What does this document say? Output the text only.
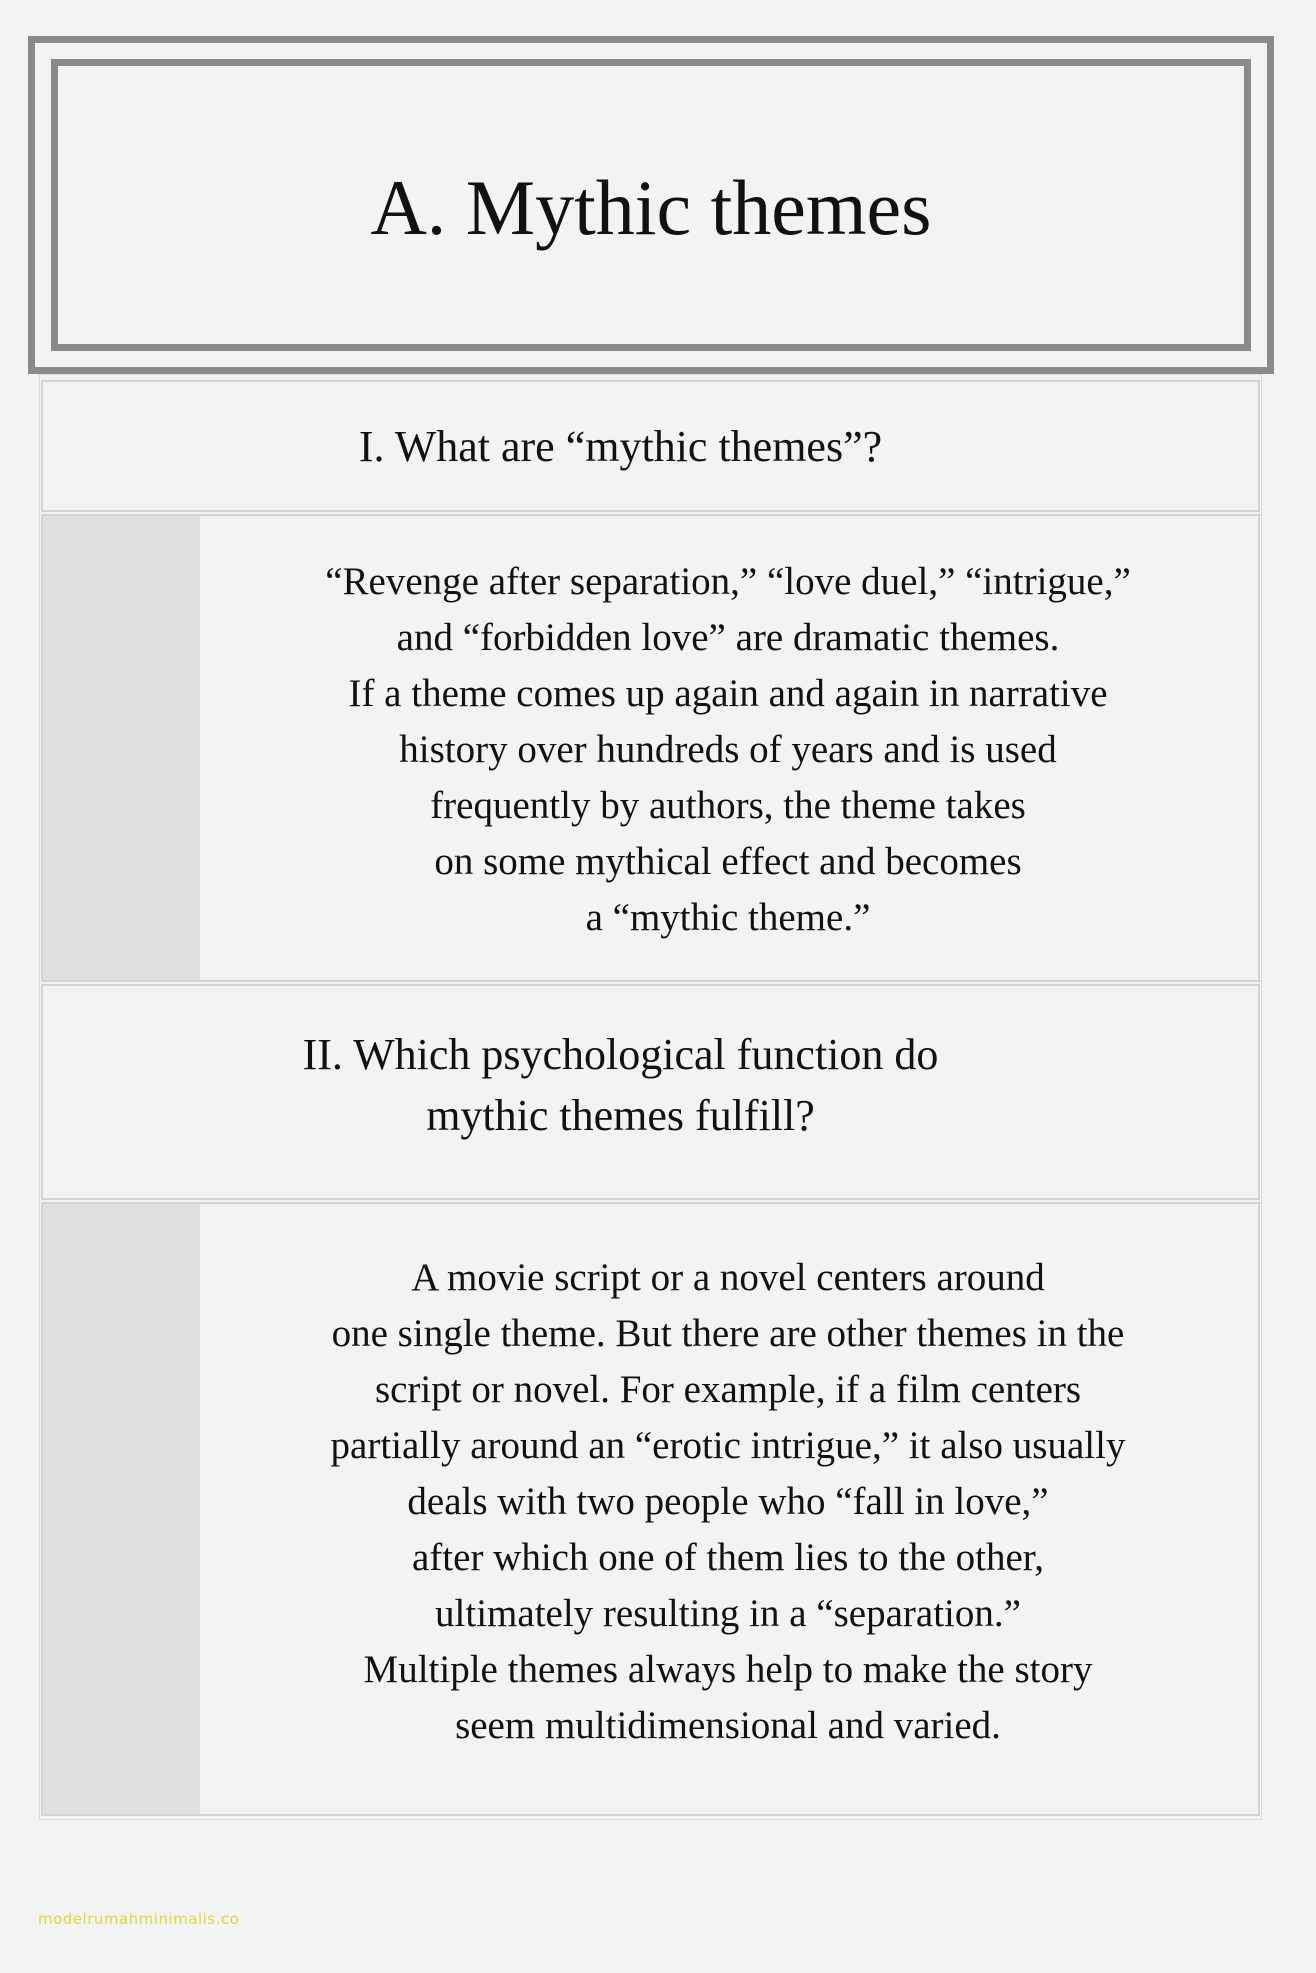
A. Mythic themes
I. What are “mythic themes”?
“Revenge after separation,” “love duel,” “intrigue,”
and “forbidden love” are dramatic themes.
If a theme comes up again and again in narrative
history over hundreds of years and is used
frequently by authors, the theme takes
on some mythical effect and becomes
a “mythic theme.”
II. Which psychological function do
mythic themes fulfill?
A movie script or a novel centers around
one single theme. But there are other themes in the
script or novel. For example, if a film centers
partially around an “erotic intrigue,” it also usually
deals with two people who “fall in love,”
after which one of them lies to the other,
ultimately resulting in a “separation.”
Multiple themes always help to make the story
seem multidimensional and varied.
modelrumahminimalis.co
